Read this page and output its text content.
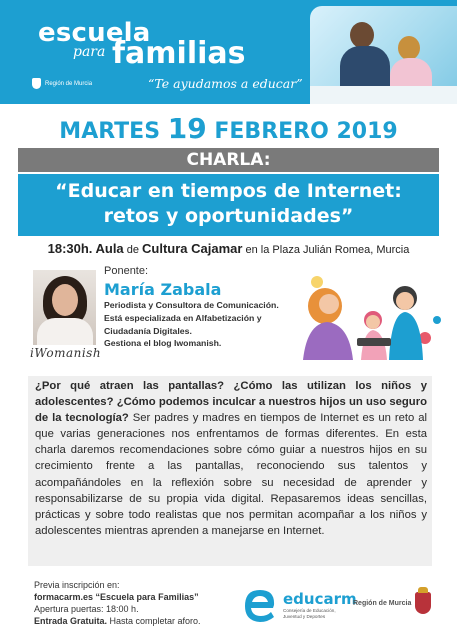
escuela
para familias
Región de Murcia	“Te ayudamos a educar”
MARTES 19 FEBRERO 2019
CHARLA:
“Educar en tiempos de Internet:
retos y oportunidades”
18:30h. Aula de Cultura Cajamar en la Plaza Julián Romea, Murcia
iWomanish
Ponente:
María Zabala
Periodista y Consultora de Comunicación.
Está especializada en Alfabetización y
Ciudadanía Digitales.
Gestiona el blog Iwomanish.
¿Por qué atraen las pantallas? ¿Cómo las utilizan los niños y adolescentes? ¿Cómo podemos inculcar a nuestros hijos un uso seguro de la tecnología? Ser padres y madres en tiempos de Internet es un reto al que varias generaciones nos enfrentamos de formas diferentes. En esta charla daremos recomendaciones sobre cómo guiar a nuestros hijos en su crecimiento frente a las pantallas, reconociendo sus talentos y acompañándoles en la reflexión sobre su necesidad de aprender y responsabilizarse de su propia vida digital. Repasaremos ideas sencillas, prácticas y sobre todo realistas que nos permitan acompañar a los niños y adolescentes mientras aprenden a manejarse en Internet.
Previa inscripción en:
formacarm.es “Escuela para Familias”
Apertura puertas: 18:00 h.
Entrada Gratuita. Hasta completar aforo.
educarm
Consejería de Educación,
Juventud y Deportes
Región de Murcia
